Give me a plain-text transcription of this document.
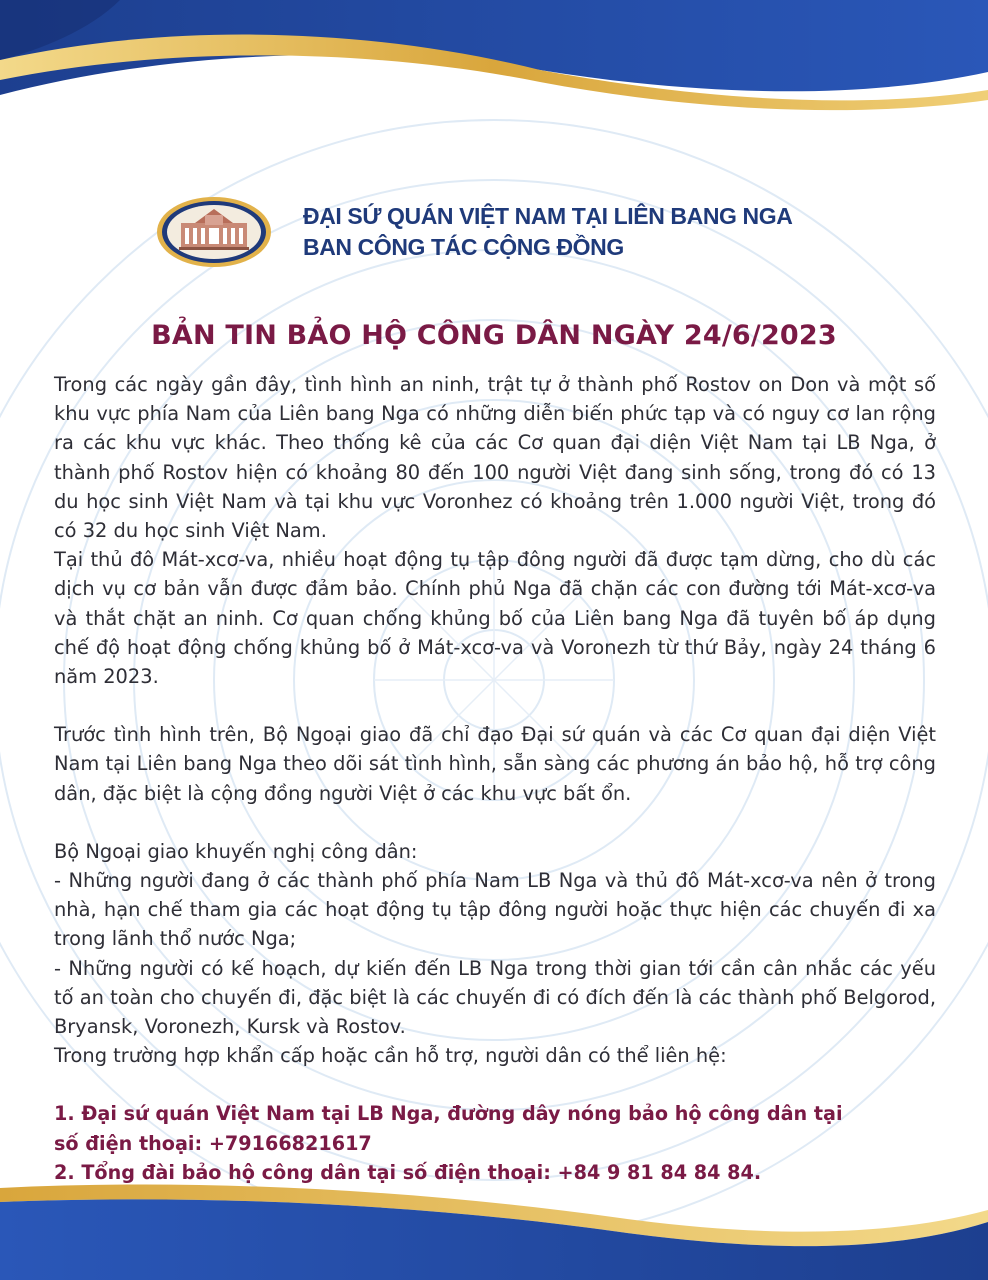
ĐẠI SỨ QUÁN VIỆT NAM TẠI LIÊN BANG NGA
BAN CÔNG TÁC CỘNG ĐỒNG
BẢN TIN BẢO HỘ CÔNG DÂN NGÀY 24/6/2023

Trong các ngày gần đây, tình hình an ninh, trật tự ở thành phố Rostov on Don và một số khu vực phía Nam của Liên bang Nga có những diễn biến phức tạp và có nguy cơ lan rộng ra các khu vực khác. Theo thống kê của các Cơ quan đại diện Việt Nam tại LB Nga, ở thành phố Rostov hiện có khoảng 80 đến 100 người Việt đang sinh sống, trong đó có 13 du học sinh Việt Nam và tại khu vực Voronhez có khoảng trên 1.000 người Việt, trong đó có 32 du học sinh Việt Nam.

Tại thủ đô Mát-xcơ-va, nhiều hoạt động tụ tập đông người đã được tạm dừng, cho dù các dịch vụ cơ bản vẫn được đảm bảo. Chính phủ Nga đã chặn các con đường tới Mát-xcơ-va và thắt chặt an ninh. Cơ quan chống khủng bố của Liên bang Nga đã tuyên bố áp dụng chế độ hoạt động chống khủng bố ở Mát-xcơ-va và Voronezh từ thứ Bảy, ngày 24 tháng 6 năm 2023.

Trước tình hình trên, Bộ Ngoại giao đã chỉ đạo Đại sứ quán và các Cơ quan đại diện Việt Nam tại Liên bang Nga theo dõi sát tình hình, sẵn sàng các phương án bảo hộ, hỗ trợ công dân, đặc biệt là cộng đồng người Việt ở các khu vực bất ổn.

Bộ Ngoại giao khuyến nghị công dân:

- Những người đang ở các thành phố phía Nam LB Nga và thủ đô Mát-xcơ-va nên ở trong nhà, hạn chế tham gia các hoạt động tụ tập đông người hoặc thực hiện các chuyến đi xa trong lãnh thổ nước Nga;

- Những người có kế hoạch, dự kiến đến LB Nga trong thời gian tới cần cân nhắc các yếu tố an toàn cho chuyến đi, đặc biệt là các chuyến đi có đích đến là các thành phố Belgorod, Bryansk, Voronezh, Kursk và Rostov.

Trong trường hợp khẩn cấp hoặc cần hỗ trợ, người dân có thể liên hệ:

1. Đại sứ quán Việt Nam tại LB Nga, đường dây nóng bảo hộ công dân tại
số điện thoại: +79166821617
2. Tổng đài bảo hộ công dân tại số điện thoại: +84 9 81 84 84 84.
